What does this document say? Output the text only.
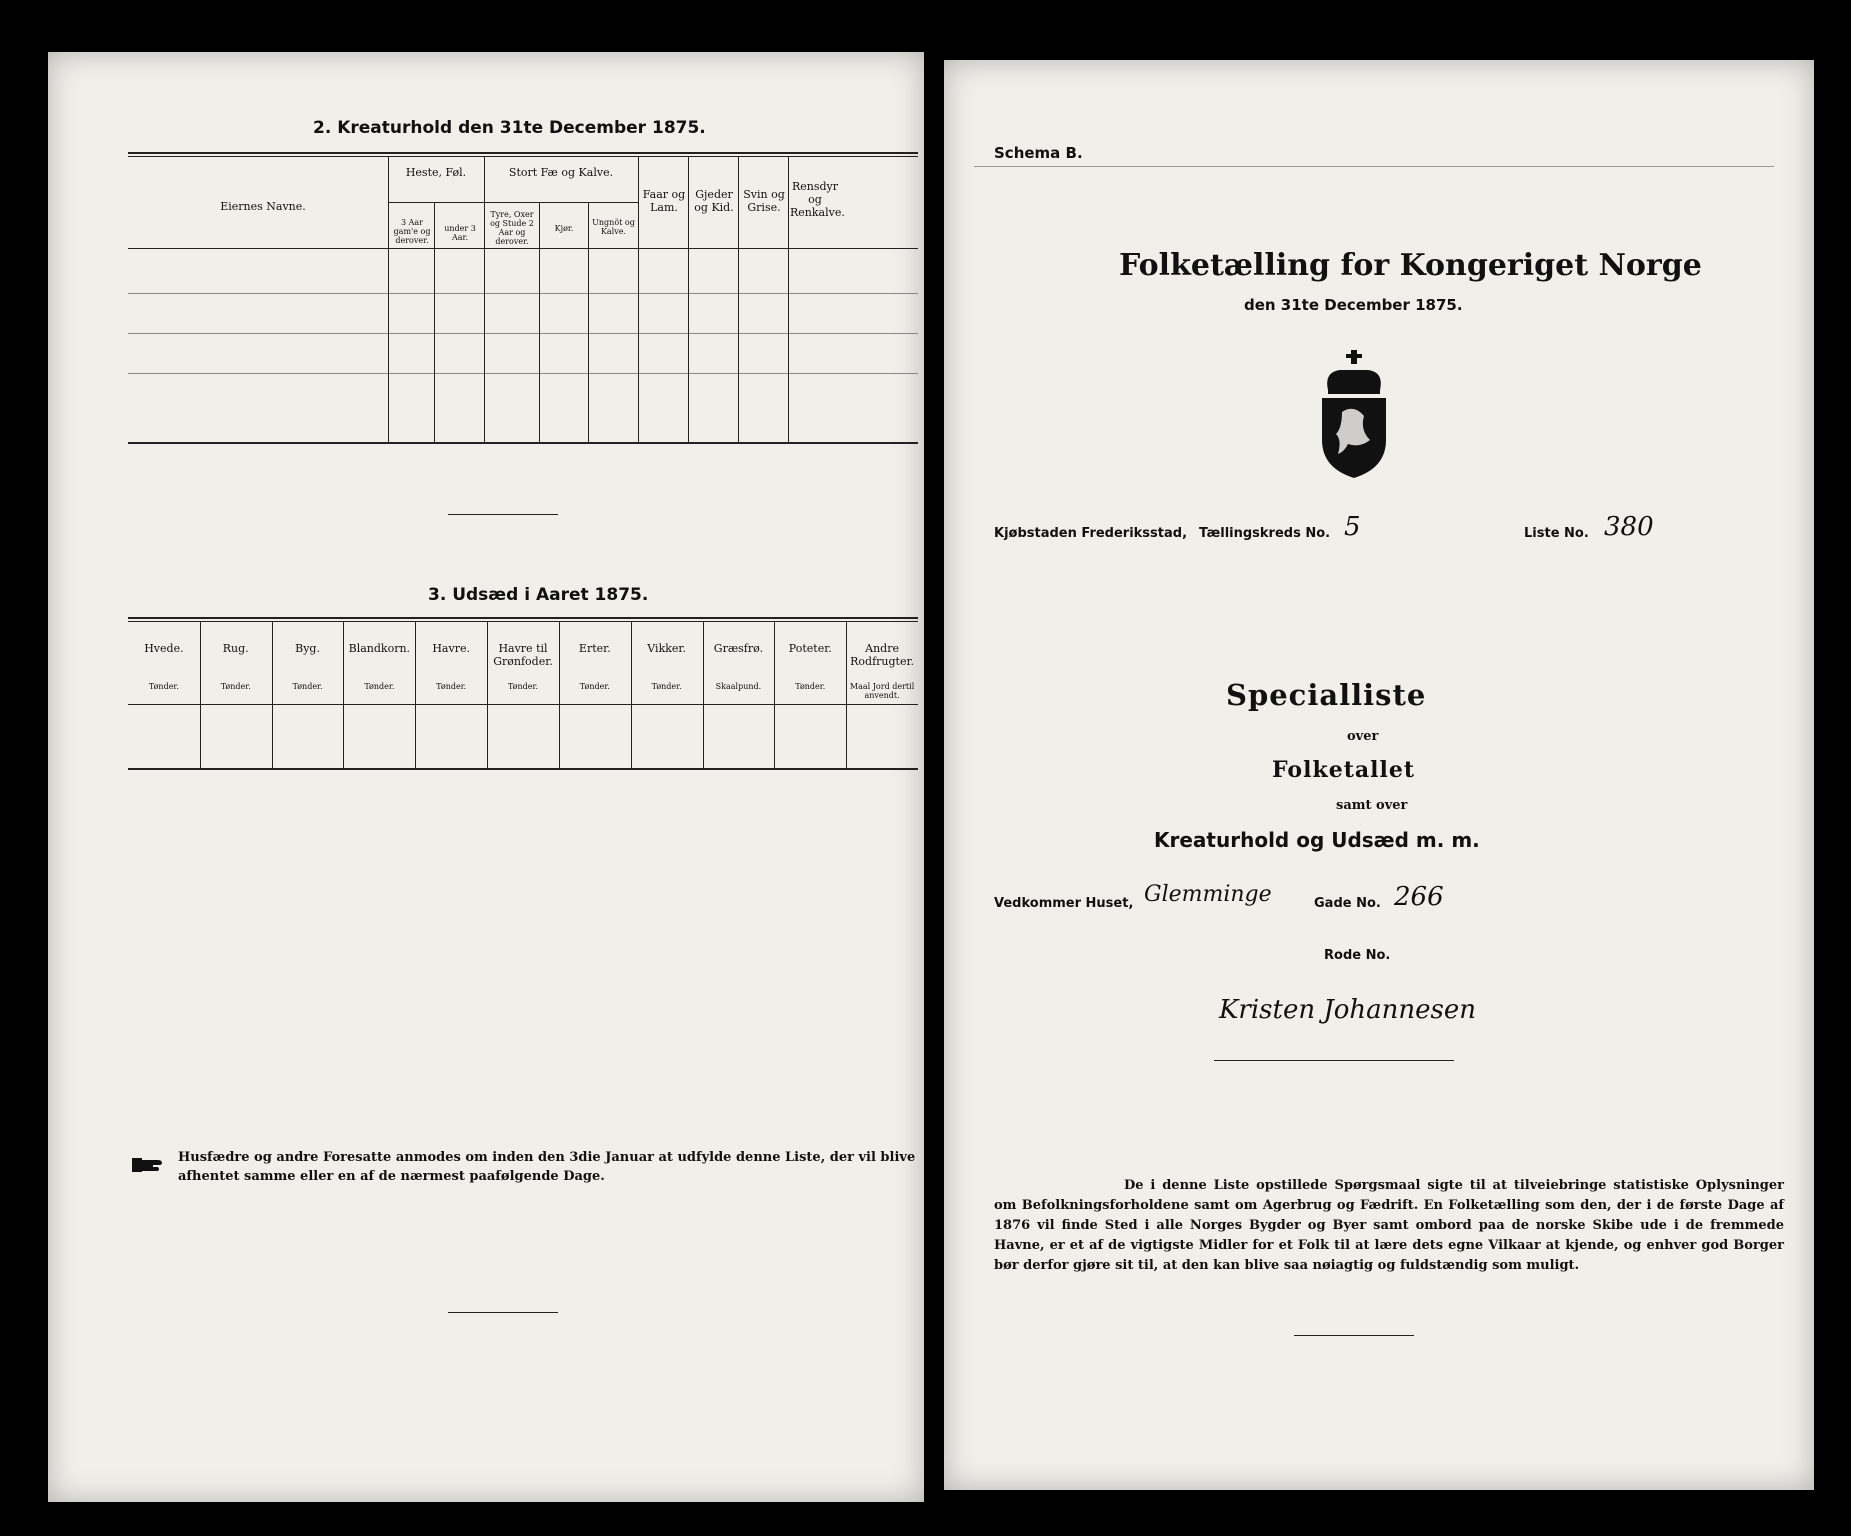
2. Kreaturhold den 31te December 1875.
Eiernes Navne.
Heste, Føl.
3 Aar gam'e og derover.
under 3 Aar.
Stort Fæ og Kalve.
Tyre, Oxer og Stude 2 Aar og derover.
Kjør.
Ungnöt og Kalve.
Faar og Lam.
Gjeder og Kid.
Svin og Grise.
Rensdyr og Renkalve.
3. Udsæd i Aaret 1875.
Husfædre og andre Foresatte anmodes om inden den 3die Januar at udfylde denne Liste, der vil blive afhentet samme eller en af de nærmest paafølgende Dage.
Hvede.
Tønder.
Rug.
Tønder.
Byg.
Tønder.
Blandkorn.
Tønder.
Havre.
Tønder.
Havre til Grønfoder.
Tønder.
Erter.
Tønder.
Vikker.
Tønder.
Græsfrø.
Skaalpund.
Poteter.
Tønder.
Andre Rodfrugter.
Maal Jord dertil anvendt.
Schema B.
Folketælling for Kongeriget Norge
den 31te December 1875.
Kjøbstaden Frederiksstad, Tællingskreds No. 5	Liste No. 380
Specialliste
over
Folketallet
samt over
Kreaturhold og Udsæd m. m.
Vedkommer Huset, Glemminge	Gade No. 266
Rode No.
Kristen Johannesen
De i denne Liste opstillede Spørgsmaal sigte til at tilveiebringe statistiske Oplysninger om Befolkningsforholdene samt om Agerbrug og Fædrift. En Folketælling som den, der i de første Dage af 1876 vil finde Sted i alle Norges Bygder og Byer samt ombord paa de norske Skibe ude i de fremmede Havne, er et af de vigtigste Midler for et Folk til at lære dets egne Vilkaar at kjende, og enhver god Borger bør derfor gjøre sit til, at den kan blive saa nøiagtig og fuldstændig som muligt.
